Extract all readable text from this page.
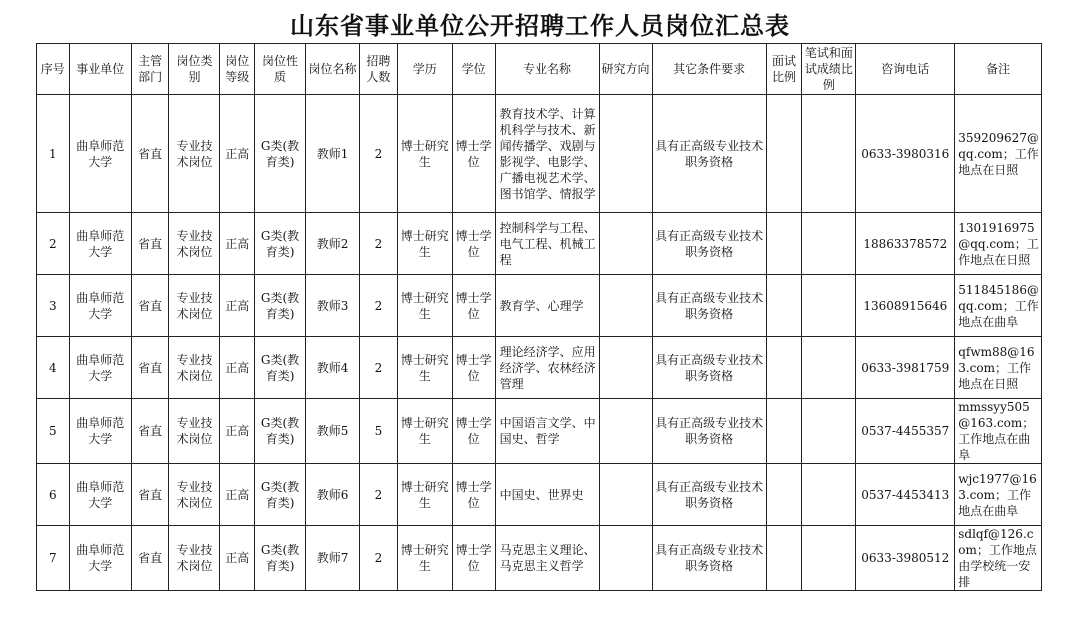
山东省事业单位公开招聘工作人员岗位汇总表
序号	事业单位	主管部门	岗位类别	岗位等级	岗位性质	岗位名称	招聘人数	学历	学位	专业名称	研究方向	其它条件要求	面试比例	笔试和面试成绩比例	咨询电话	备注
1	曲阜师范大学	省直	专业技术岗位	正高	G类(教育类)	教师1	2	博士研究生	博士学位	教育技术学、计算机科学与技术、新闻传播学、戏剧与影视学、电影学、广播电视艺术学、图书馆学、情报学		具有正高级专业技术职务资格			0633-3980316	359209627@qq.com；工作地点在日照
2	曲阜师范大学	省直	专业技术岗位	正高	G类(教育类)	教师2	2	博士研究生	博士学位	控制科学与工程、电气工程、机械工程		具有正高级专业技术职务资格			18863378572	1301916975@qq.com；工作地点在日照
3	曲阜师范大学	省直	专业技术岗位	正高	G类(教育类)	教师3	2	博士研究生	博士学位	教育学、心理学		具有正高级专业技术职务资格			13608915646	511845186@qq.com；工作地点在曲阜
4	曲阜师范大学	省直	专业技术岗位	正高	G类(教育类)	教师4	2	博士研究生	博士学位	理论经济学、应用经济学、农林经济管理		具有正高级专业技术职务资格			0633-3981759	qfwm88@163.com；工作地点在日照
5	曲阜师范大学	省直	专业技术岗位	正高	G类(教育类)	教师5	5	博士研究生	博士学位	中国语言文学、中国史、哲学		具有正高级专业技术职务资格			0537-4455357	mmssyy505@163.com；工作地点在曲阜
6	曲阜师范大学	省直	专业技术岗位	正高	G类(教育类)	教师6	2	博士研究生	博士学位	中国史、世界史		具有正高级专业技术职务资格			0537-4453413	wjc1977@163.com；工作地点在曲阜
7	曲阜师范大学	省直	专业技术岗位	正高	G类(教育类)	教师7	2	博士研究生	博士学位	马克思主义理论、马克思主义哲学		具有正高级专业技术职务资格			0633-3980512	sdlqf@126.com；工作地点由学校统一安排
